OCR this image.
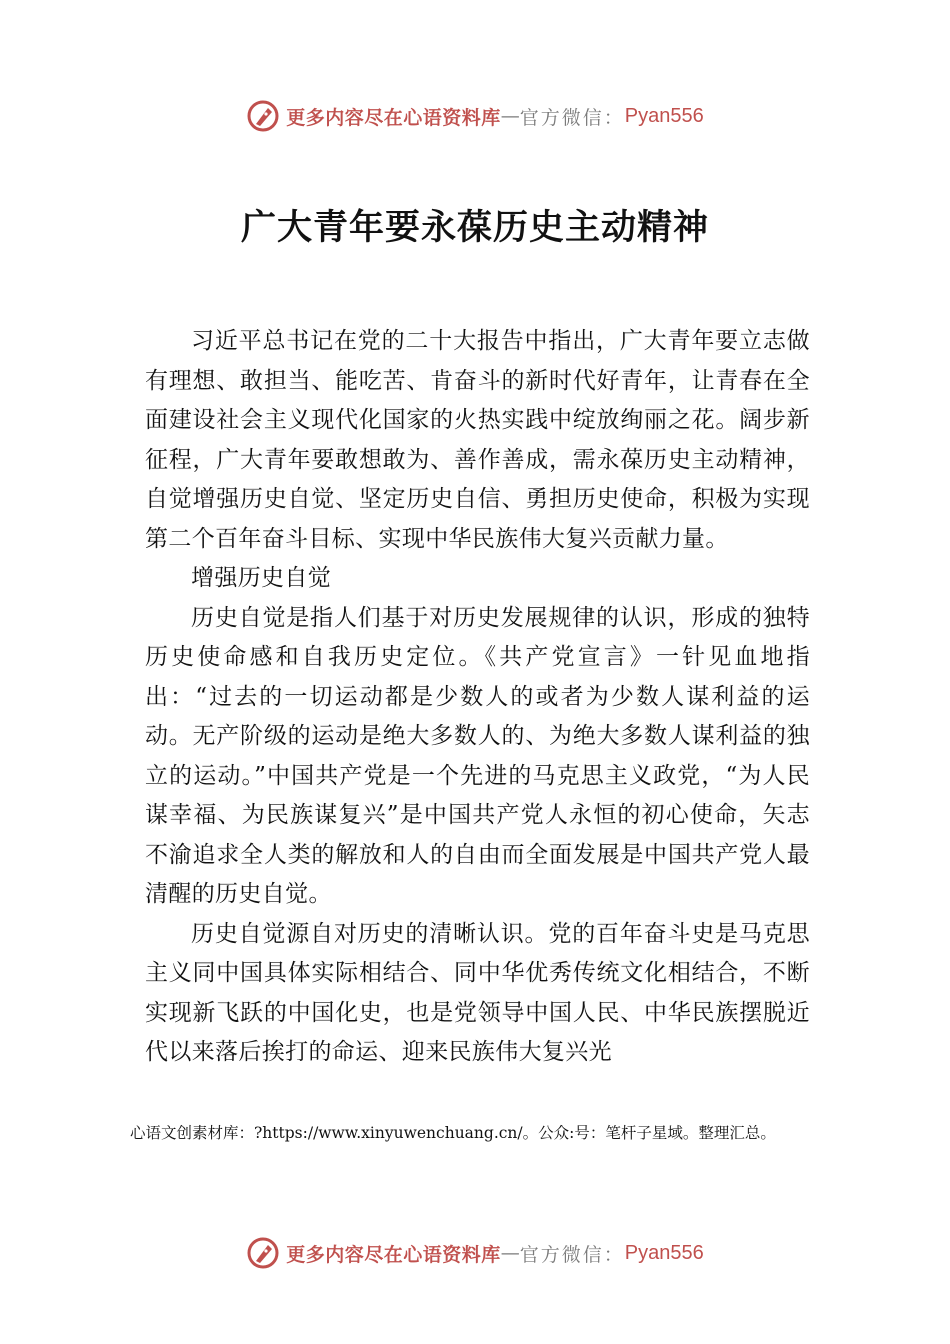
更多内容尽在心语资料库 — 官方微信： Pyan556
广大青年要永葆历史主动精神

习近平总书记在党的二十大报告中指出，广大青年要立志做有理想、敢担当、能吃苦、肯奋斗的新时代好青年，让青春在全面建设社会主义现代化国家的火热实践中绽放绚丽之花。阔步新征程，广大青年要敢想敢为、善作善成，需永葆历史主动精神，自觉增强历史自觉、坚定历史自信、勇担历史使命，积极为实现第二个百年奋斗目标、实现中华民族伟大复兴贡献力量。

增强历史自觉

历史自觉是指人们基于对历史发展规律的认识，形成的独特历史使命感和自我历史定位。《共产党宣言》一针见血地指出：“过去的一切运动都是少数人的或者为少数人谋利益的运动。无产阶级的运动是绝大多数人的、为绝大多数人谋利益的独立的运动。”中国共产党是一个先进的马克思主义政党，“为人民谋幸福、为民族谋复兴”是中国共产党人永恒的初心使命，矢志不渝追求全人类的解放和人的自由而全面发展是中国共产党人最清醒的历史自觉。

历史自觉源自对历史的清晰认识。党的百年奋斗史是马克思主义同中国具体实际相结合、同中华优秀传统文化相结合，不断实现新飞跃的中国化史，也是党领导中国人民、中华民族摆脱近代以来落后挨打的命运、迎来民族伟大复兴光

心语文创素材库：?https://www.xinyuwenchuang.cn/。公众:号：笔杆子星域。整理汇总。
更多内容尽在心语资料库 — 官方微信： Pyan556
